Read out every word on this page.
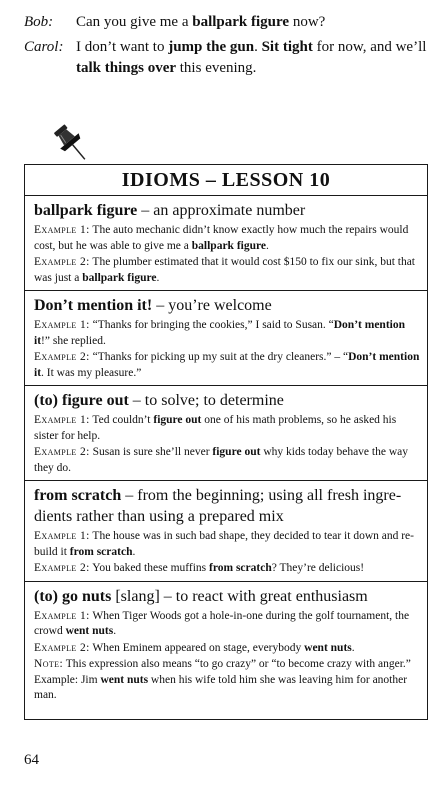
Bob:	Can you give me a ballpark figure now?
Carol: I don’t want to jump the gun. Sit tight for now, and we’ll talk things over this evening.
IDIOMS – LESSON 10
ballpark figure – an approximate number
Example 1: The auto mechanic didn’t know exactly how much the repairs would cost, but he was able to give me a ballpark figure.
Example 2: The plumber estimated that it would cost $150 to fix our sink, but that was just a ballpark figure.
Don’t mention it! – you’re welcome
Example 1: “Thanks for bringing the cookies,” I said to Susan. “Don’t mention it!” she replied.
Example 2: “Thanks for picking up my suit at the dry cleaners.” – “Don’t mention it. It was my pleasure.”
(to) figure out – to solve; to determine
Example 1: Ted couldn’t figure out one of his math problems, so he asked his sister for help.
Example 2: Susan is sure she’ll never figure out why kids today behave the way they do.
from scratch – from the beginning; using all fresh ingre-dients rather than using a prepared mix
Example 1: The house was in such bad shape, they decided to tear it down and re-build it from scratch.
Example 2: You baked these muffins from scratch? They’re delicious!
(to) go nuts [slang] – to react with great enthusiasm
Example 1: When Tiger Woods got a hole-in-one during the golf tournament, the crowd went nuts.
Example 2: When Eminem appeared on stage, everybody went nuts.
Note: This expression also means “to go crazy” or “to become crazy with anger.” Example: Jim went nuts when his wife told him she was leaving him for another man.
64
